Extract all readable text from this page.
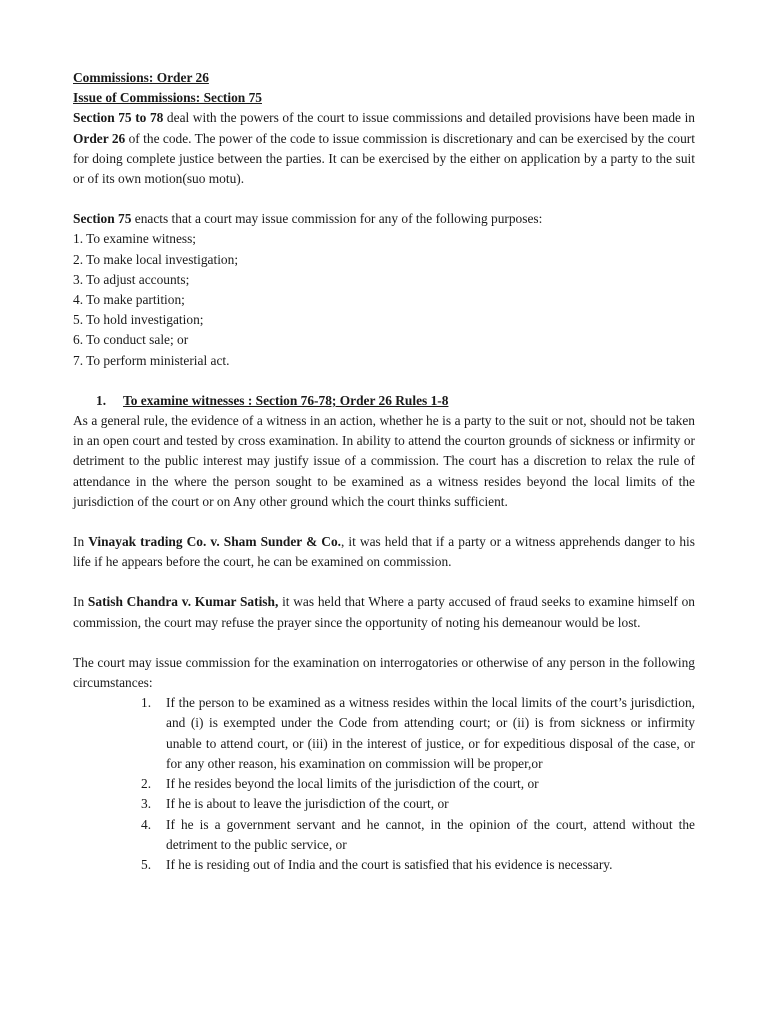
Commissions: Order 26

Issue of Commissions: Section 75

Section 75 to 78 deal with the powers of the court to issue commissions and detailed provisions have been made in Order 26 of the code. The power of the code to issue commission is discretionary and can be exercised by the court for doing complete justice between the parties. It can be exercised by the either on application by a party to the suit or of its own motion(suo motu).

Section 75 enacts that a court may issue commission for any of the following purposes:

1. To examine witness;
2. To make local investigation;
3. To adjust accounts;
4. To make partition;
5. To hold investigation;
6. To conduct sale; or
7. To perform ministerial act.
1.	To examine witnesses : Section 76-78; Order 26 Rules 1-8

As a general rule, the evidence of a witness in an action, whether he is a party to the suit or not, should not be taken in an open court and tested by cross examination. In ability to attend the courton grounds of sickness or infirmity or detriment to the public interest may justify issue of a commission. The court has a discretion to relax the rule of attendance in the where the person sought to be examined as a witness resides beyond the local limits of the jurisdiction of the court or on Any other ground which the court thinks sufficient.

In Vinayak trading Co. v. Sham Sunder & Co., it was held that if a party or a witness apprehends danger to his life if he appears before the court, he can be examined on commission.

In Satish Chandra v. Kumar Satish, it was held that Where a party accused of fraud seeks to examine himself on commission, the court may refuse the prayer since the opportunity of noting his demeanour would be lost.

The court may issue commission for the examination on interrogatories or otherwise of any person in the following circumstances:

1.	If the person to be examined as a witness resides within the local limits of the court’s jurisdiction, and (i) is exempted under the Code from attending court; or (ii) is from sickness or infirmity unable to attend court, or (iii) in the interest of justice, or for expeditious disposal of the case, or for any other reason, his examination on commission will be proper,or
2.	If he resides beyond the local limits of the jurisdiction of the court, or
3.	If he is about to leave the jurisdiction of the court, or
4.	If he is a government servant and he cannot, in the opinion of the court, attend without the detriment to the public service, or
5.	If he is residing out of India and the court is satisfied that his evidence is necessary.
